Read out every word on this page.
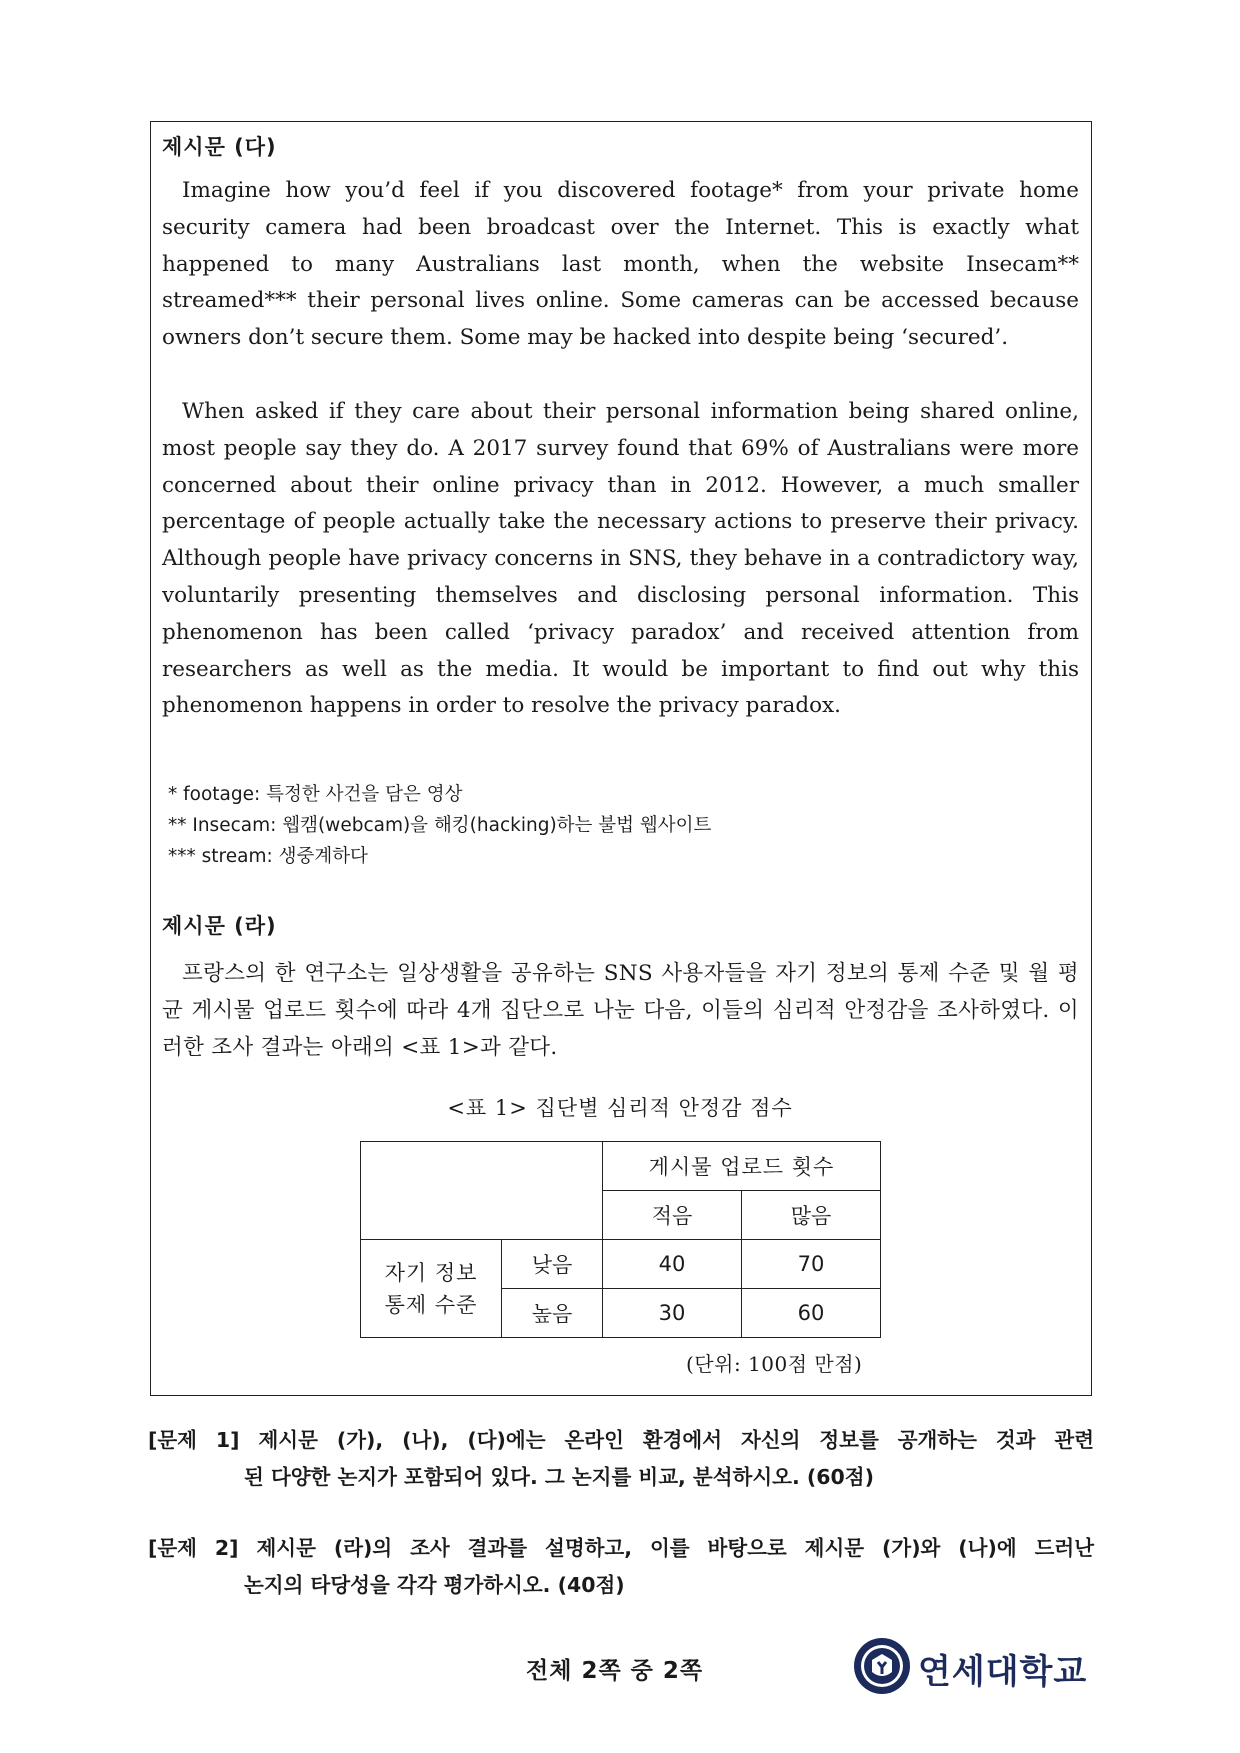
제시문 (다)

Imagine how you’d feel if you discovered footage* from your private home security camera had been broadcast over the Internet. This is exactly what happened to many Australians last month, when the website Insecam** streamed*** their personal lives online. Some cameras can be accessed because owners don’t secure them. Some may be hacked into despite being ‘secured’.

When asked if they care about their personal information being shared online, most people say they do. A 2017 survey found that 69% of Australians were more concerned about their online privacy than in 2012. However, a much smaller percentage of people actually take the necessary actions to preserve their privacy. Although people have privacy concerns in SNS, they behave in a contradictory way, voluntarily presenting themselves and disclosing personal information. This phenomenon has been called ‘privacy paradox’ and received attention from researchers as well as the media. It would be important to find out why this phenomenon happens in order to resolve the privacy paradox.

* footage: 특정한 사건을 담은 영상
** Insecam: 웹캠(webcam)을 해킹(hacking)하는 불법 웹사이트
*** stream: 생중계하다
제시문 (라)

프랑스의 한 연구소는 일상생활을 공유하는 SNS 사용자들을 자기 정보의 통제 수준 및 월 평균 게시물 업로드 횟수에 따라 4개 집단으로 나눈 다음, 이들의 심리적 안정감을 조사하였다. 이러한 조사 결과는 아래의 <표 1>과 같다.

<표 1> 집단별 심리적 안정감 점수
		게시물 업로드 횟수	
		적음	많음

자기 정보 통제 수준	낮음	40	70
	높음	30	60
(단위: 100점 만점)
[문제 1] 제시문 (가), (나), (다)에는 온라인 환경에서 자신의 정보를 공개하는 것과 관련
된 다양한 논지가 포함되어 있다. 그 논지를 비교, 분석하시오. (60점)
[문제 2] 제시문 (라)의 조사 결과를 설명하고, 이를 바탕으로 제시문 (가)와 (나)에 드러난
논지의 타당성을 각각 평가하시오. (40점)
전체 2쪽 중 2쪽	연세대학교
